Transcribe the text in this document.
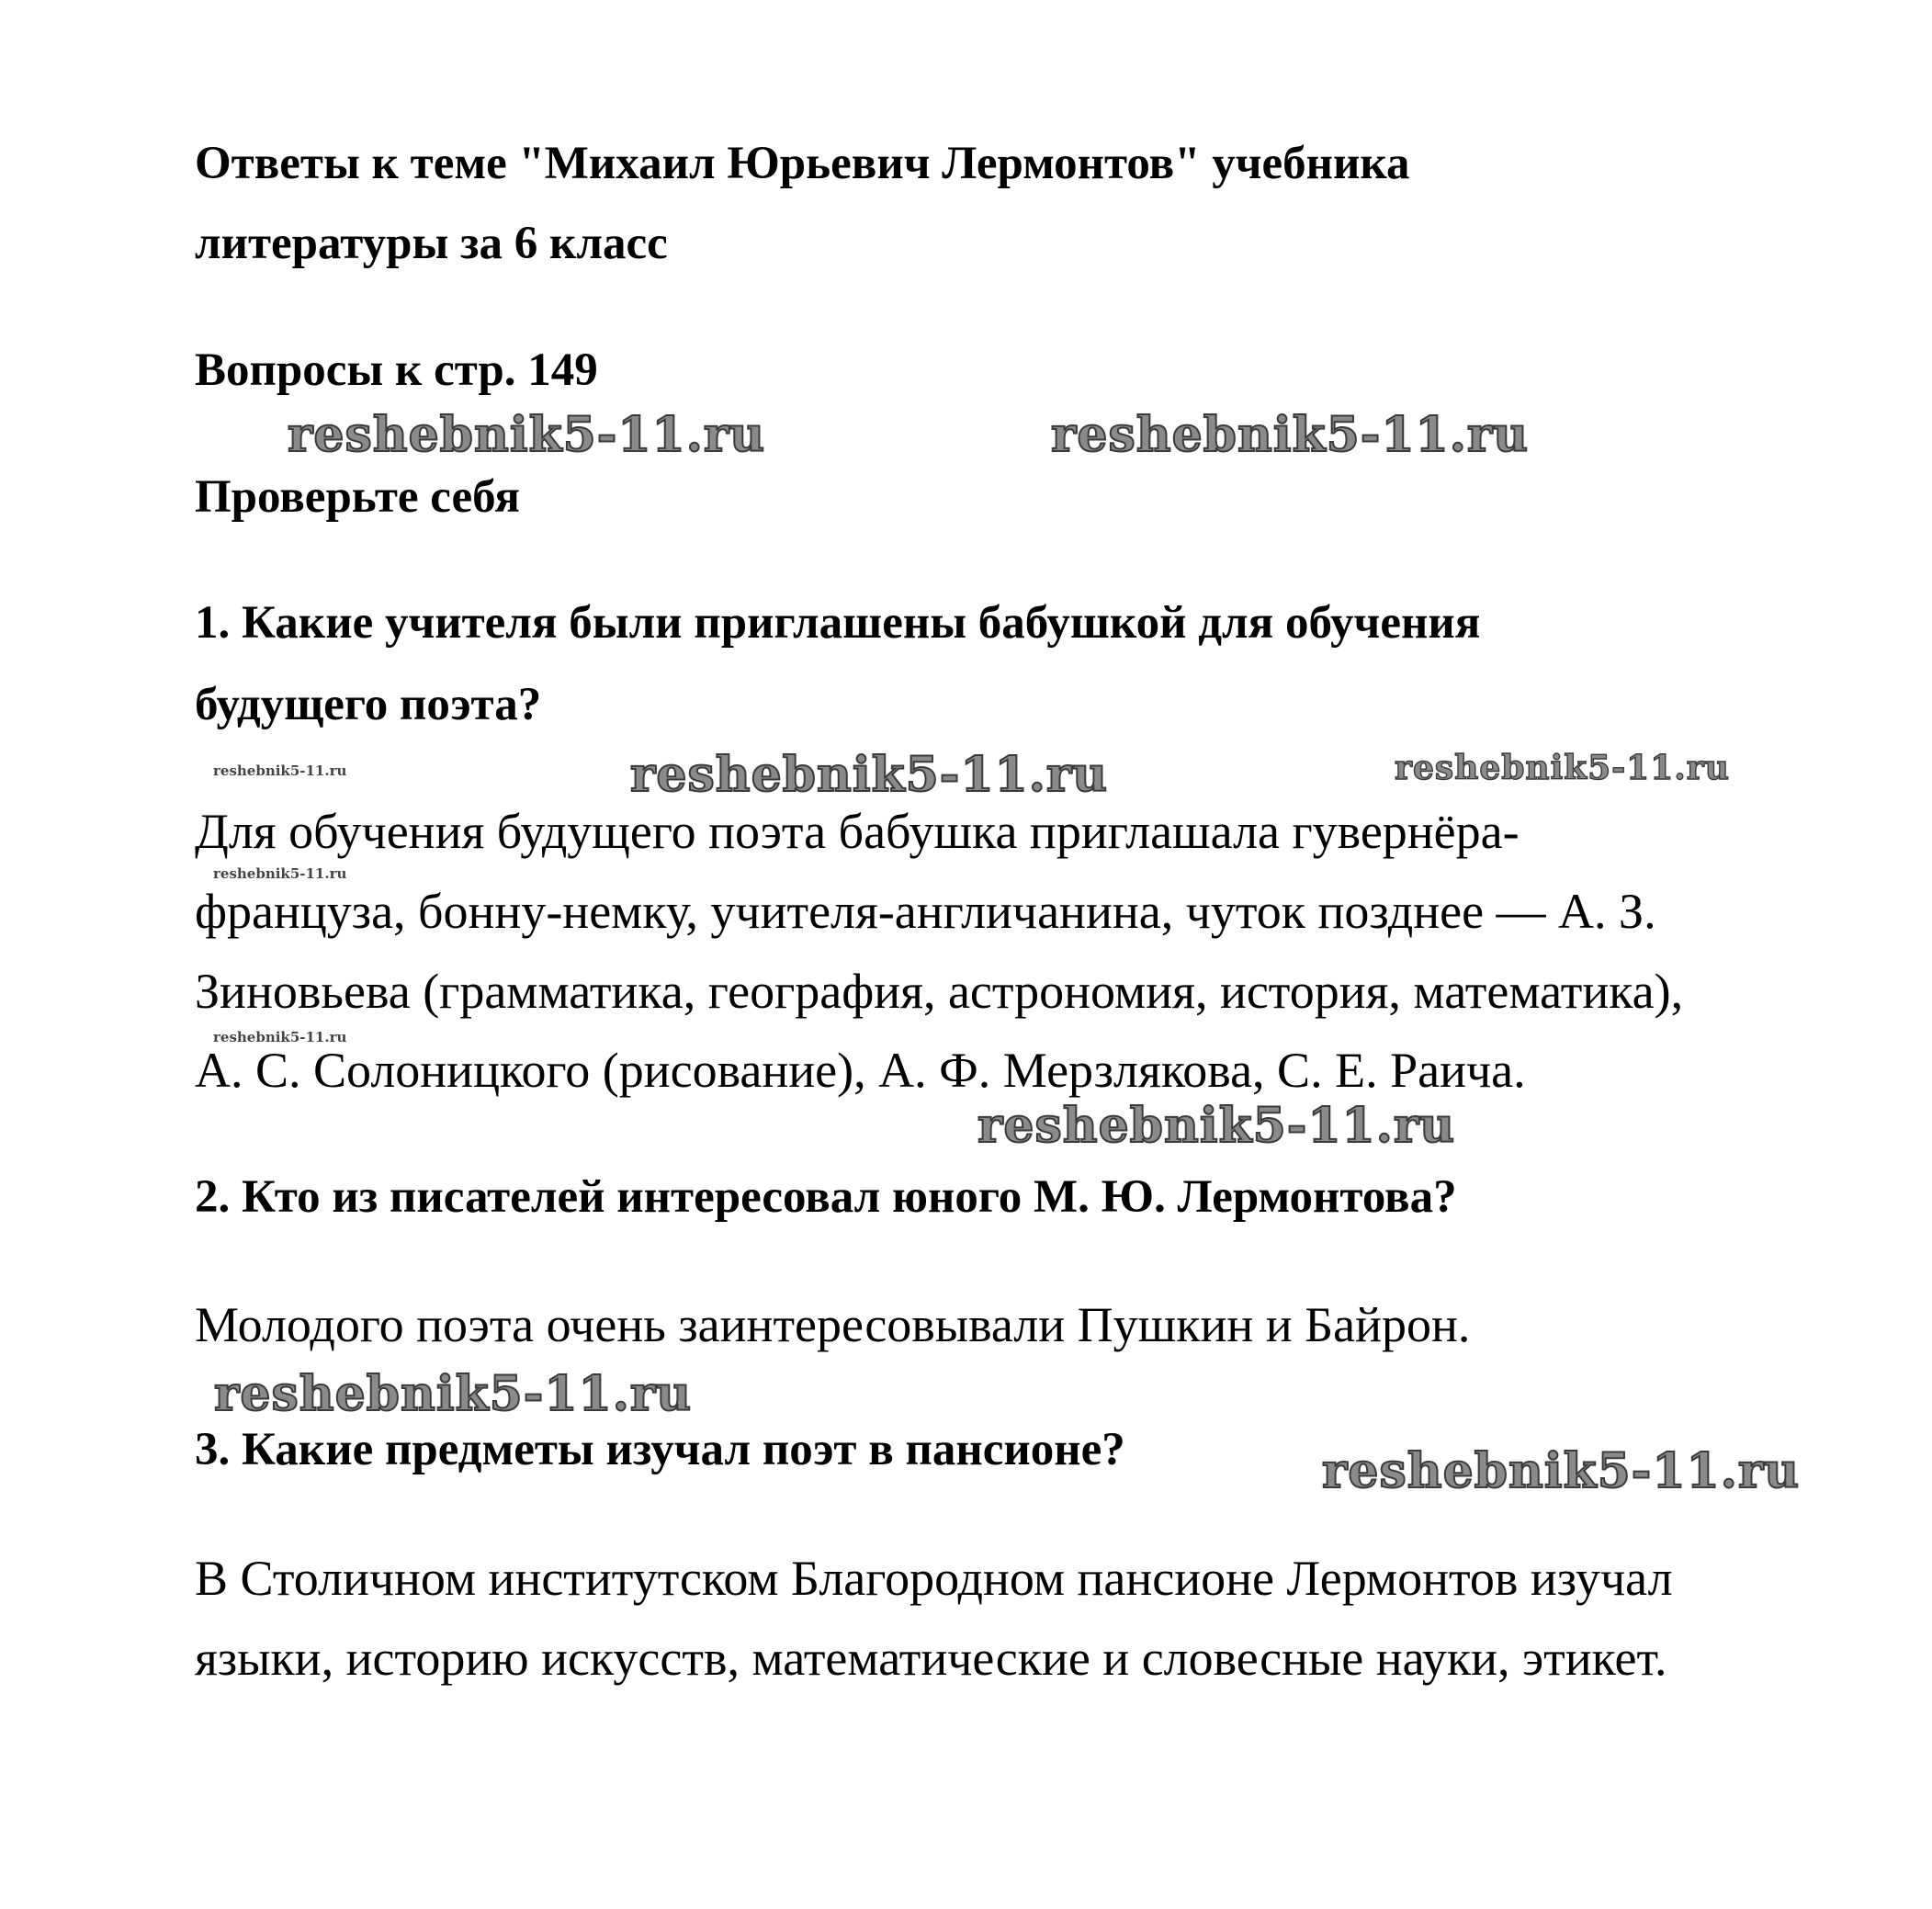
Ответы к теме "Михаил Юрьевич Лермонтов" учебника
литературы за 6 класс
Вопросы к стр. 149
Проверьте себя
1. Какие учителя были приглашены бабушкой для обучения
будущего поэта?
Для обучения будущего поэта бабушка приглашала гувернёра-
француза, бонну-немку, учителя-англичанина, чуток позднее — А. З.
Зиновьева (грамматика, география, астрономия, история, математика),
А. С. Солоницкого (рисование), А. Ф. Мерзлякова, С. Е. Раича.
2. Кто из писателей интересовал юного М. Ю. Лермонтова?
Молодого поэта очень заинтересовывали Пушкин и Байрон.
3. Какие предметы изучал поэт в пансионе?
В Столичном институтском Благородном пансионе Лермонтов изучал
языки, историю искусств, математические и словесные науки, этикет.
reshebnik5-11.ru	reshebnik5-11.ru
reshebnik5-11.ru	reshebnik5-11.ru	reshebnik5-11.ru
reshebnik5-11.ru
reshebnik5-11.ru
reshebnik5-11.ru
reshebnik5-11.ru
reshebnik5-11.ru
